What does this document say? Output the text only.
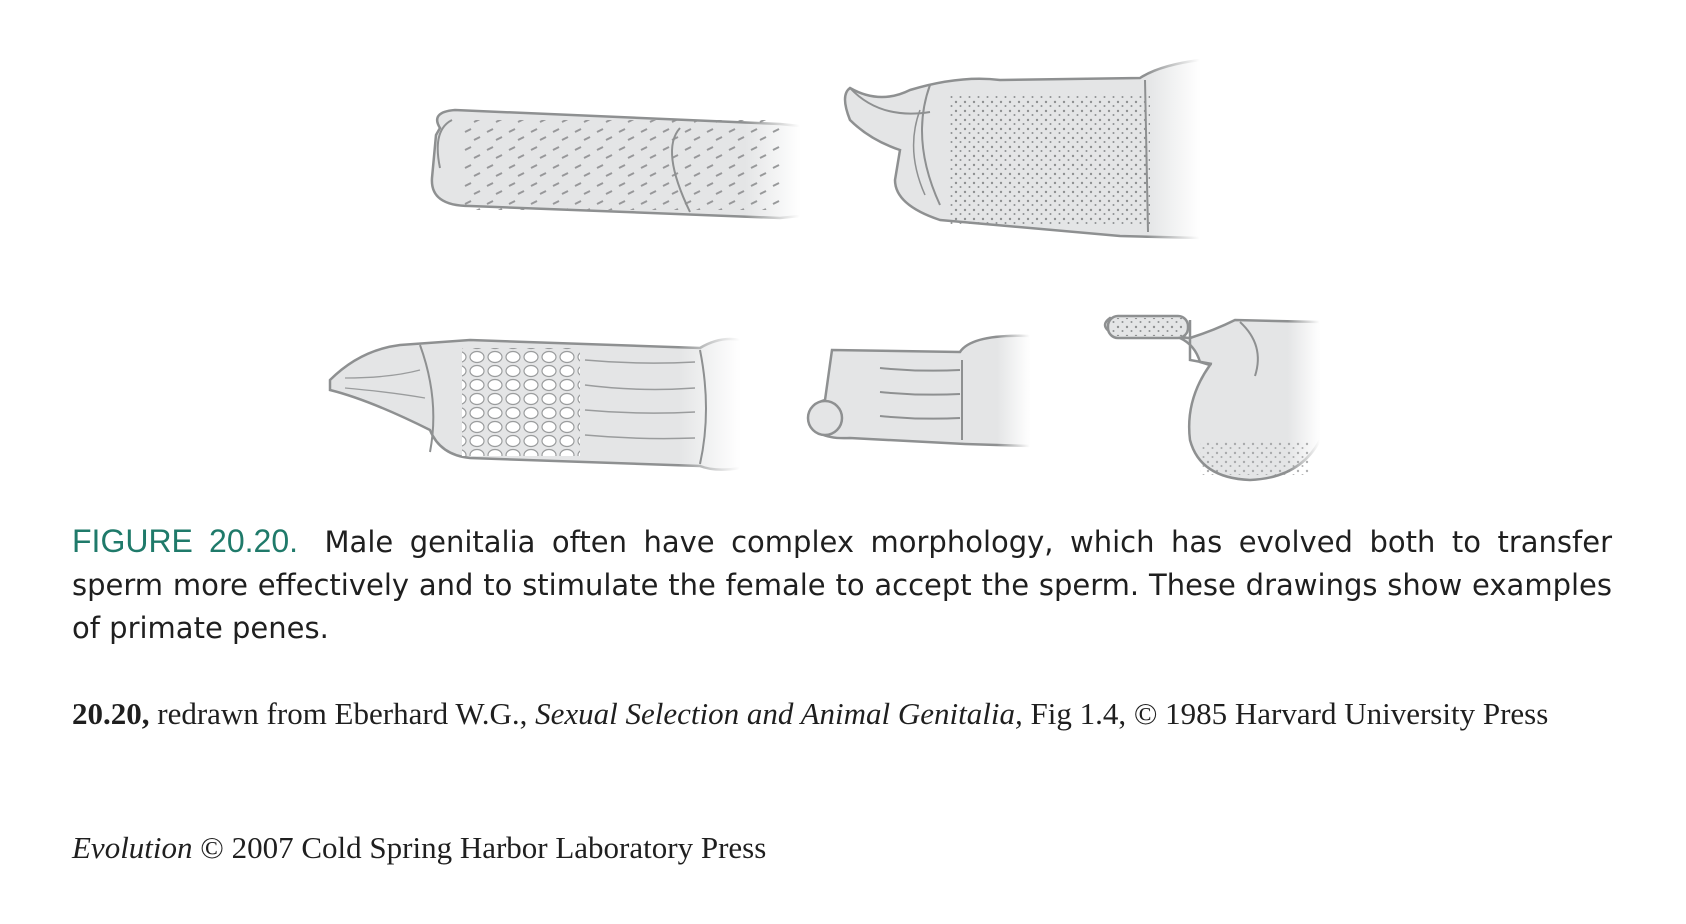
FIGURE 20.20. Male genitalia often have complex morphology, which has evolved both to transfer sperm more effectively and to stimulate the female to accept the sperm. These drawings show examples of primate penes.
20.20, redrawn from Eberhard W.G., Sexual Selection and Animal Genitalia, Fig 1.4, © 1985 Harvard University Press
Evolution © 2007 Cold Spring Harbor Laboratory Press
